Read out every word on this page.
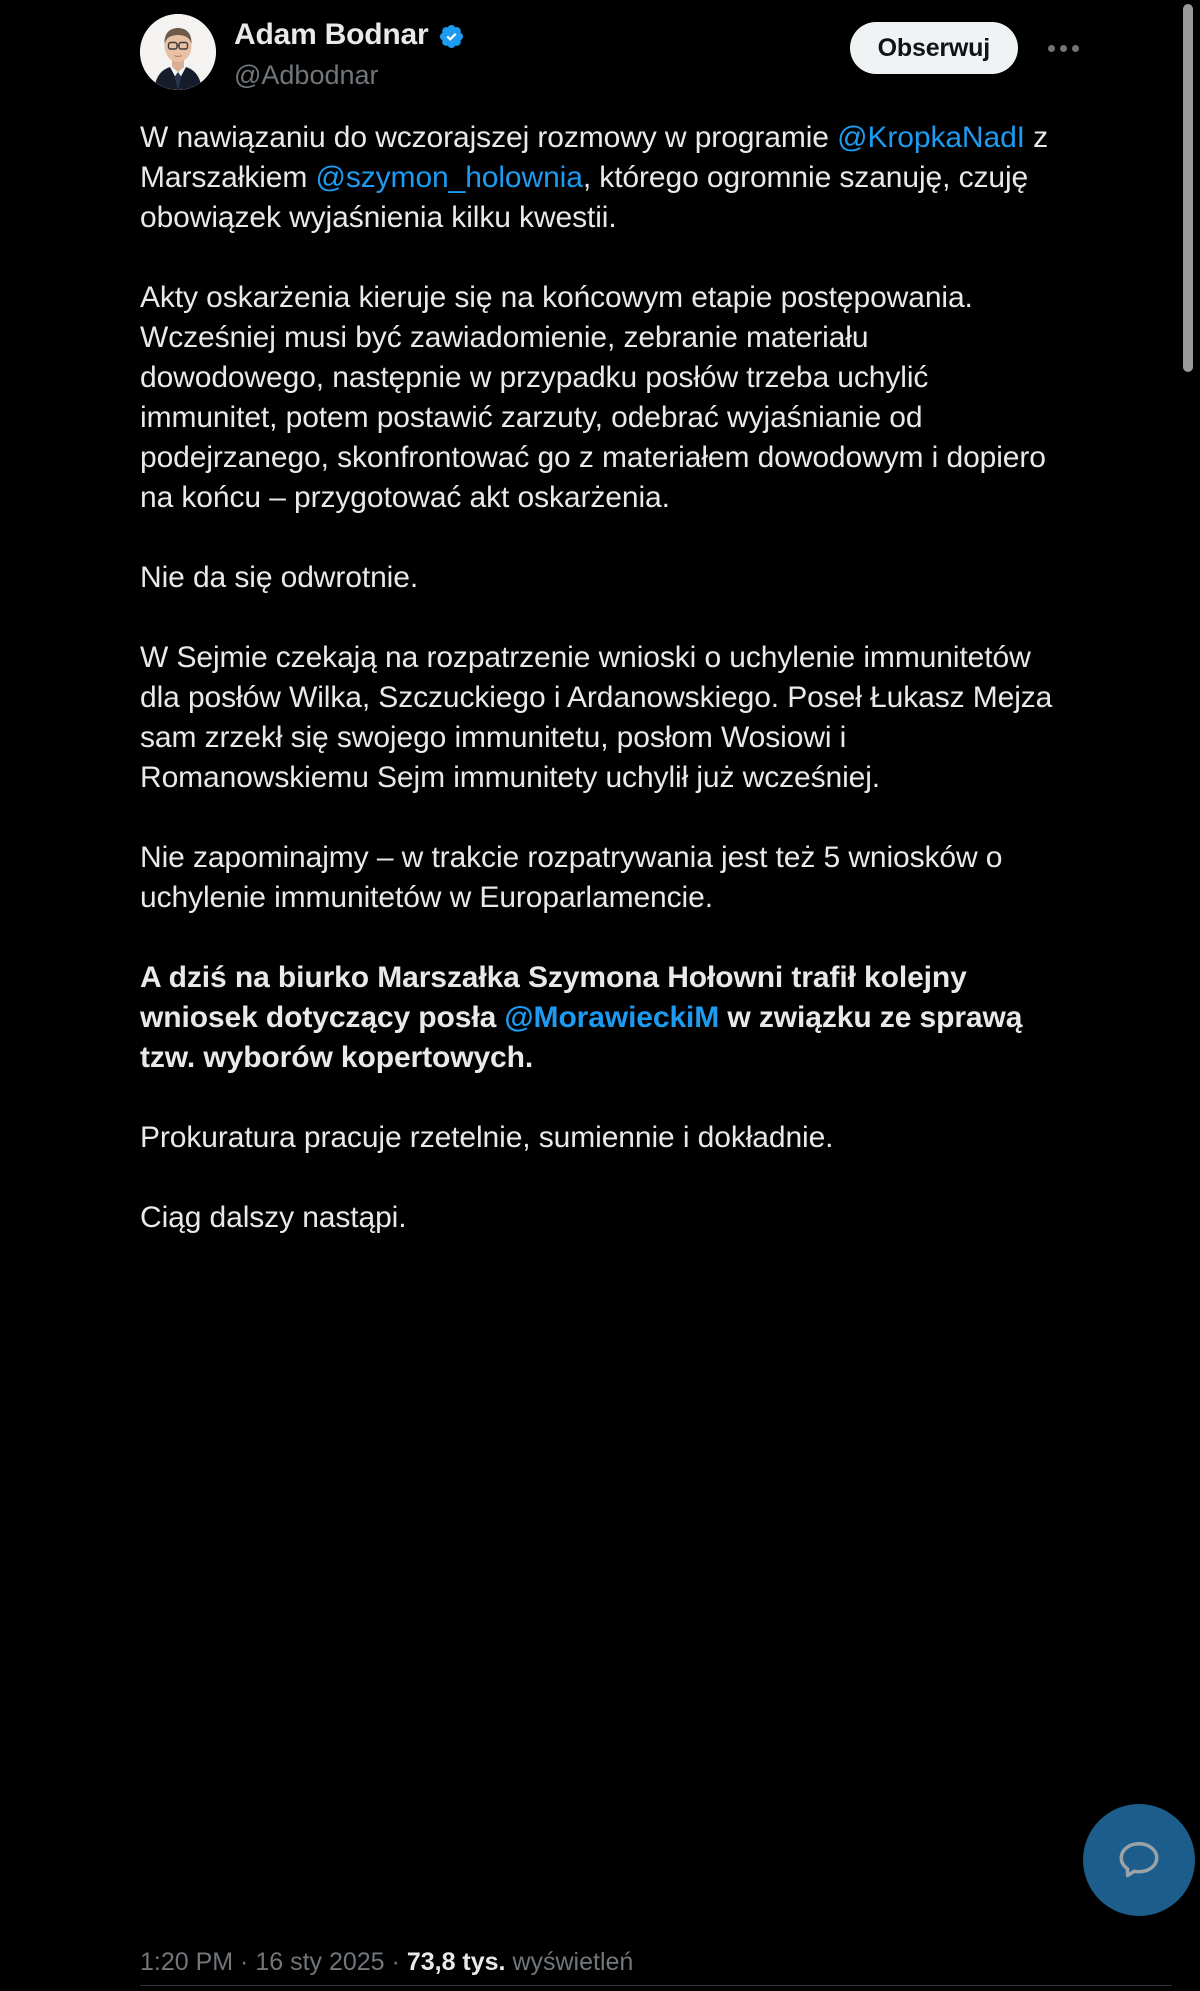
Adam Bodnar
@Adbodnar
Obserwuj
W nawiązaniu do wczorajszej rozmowy w programie @KropkaNadI z Marszałkiem @szymon_holownia, którego ogromnie szanuję, czuję obowiązek wyjaśnienia kilku kwestii.
Akty oskarżenia kieruje się na końcowym etapie postępowania. Wcześniej musi być zawiadomienie, zebranie materiału dowodowego, następnie w przypadku posłów trzeba uchylić immunitet, potem postawić zarzuty, odebrać wyjaśnianie od podejrzanego, skonfrontować go z materiałem dowodowym i dopiero na końcu – przygotować akt oskarżenia.
Nie da się odwrotnie.
W Sejmie czekają na rozpatrzenie wnioski o uchylenie immunitetów dla posłów Wilka, Szczuckiego i Ardanowskiego. Poseł Łukasz Mejza sam zrzekł się swojego immunitetu, posłom Wosiowi i Romanowskiemu Sejm immunitety uchylił już wcześniej.
Nie zapominajmy – w trakcie rozpatrywania jest też 5 wniosków o uchylenie immunitetów w Europarlamencie.
A dziś na biurko Marszałka Szymona Hołowni trafił kolejny wniosek dotyczący posła @MorawieckiM w związku ze sprawą tzw. wyborów kopertowych.
Prokuratura pracuje rzetelnie, sumiennie i dokładnie.
Ciąg dalszy nastąpi.
1:20 PM · 16 sty 2025 · 73,8 tys. wyświetleń
